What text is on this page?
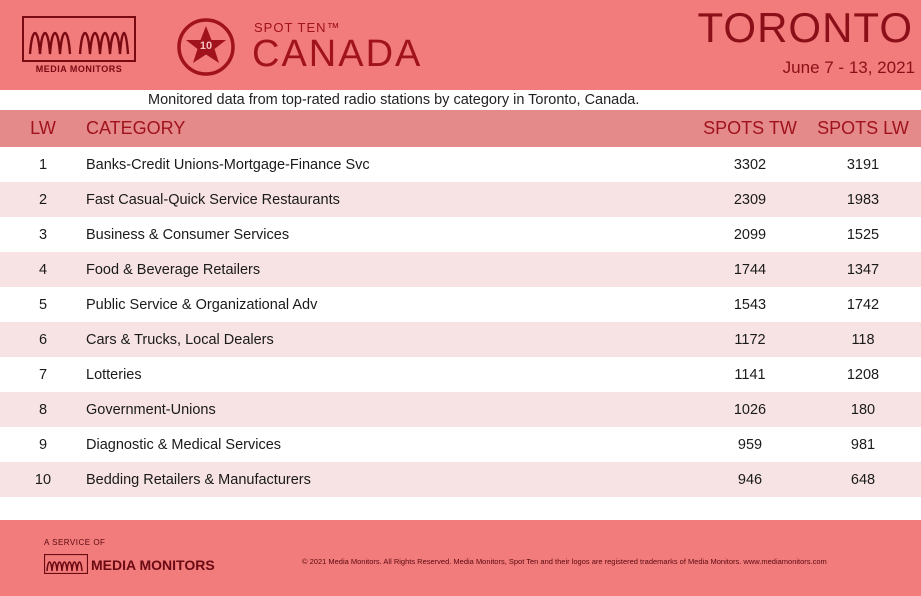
MEDIA MONITORS
10
SPOT TEN™
CANADA
TORONTO
June 7 - 13, 2021
Monitored data from top-rated radio stations by category in Toronto, Canada.
LW	CATEGORY	SPOTS TW	SPOTS LW
1	Banks-Credit Unions-Mortgage-Finance Svc	3302	3191
2	Fast Casual-Quick Service Restaurants	2309	1983
3	Business & Consumer Services	2099	1525
4	Food & Beverage Retailers	1744	1347
5	Public Service & Organizational Adv	1543	1742
6	Cars & Trucks, Local Dealers	1172	118
7	Lotteries	1141	1208
8	Government-Unions	1026	180
9	Diagnostic & Medical Services	959	981
10	Bedding Retailers & Manufacturers	946	648
A SERVICE OF
MEDIA MONITORS	© 2021 Media Monitors. All Rights Reserved. Media Monitors, Spot Ten and their logos are registered trademarks of Media Monitors. www.mediamonitors.com
